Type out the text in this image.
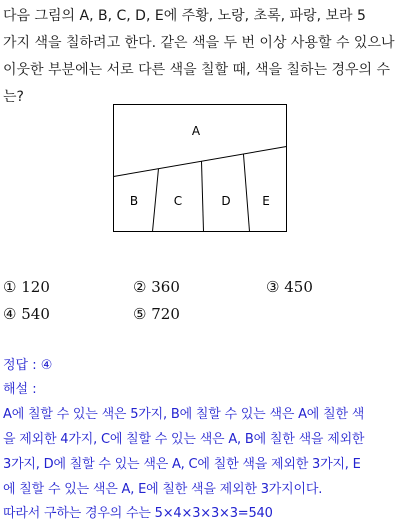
다음 그림의 A, B, C, D, E에 주황, 노랑, 초록, 파랑, 보라 5
가지 색을 칠하려고 한다. 같은 색을 두 번 이상 사용할 수 있으나
이웃한 부분에는 서로 다른 색을 칠할 때, 색을 칠하는 경우의 수
는?
A
B	C	D	E
① 120	② 360	③ 450
④ 540	⑤ 720
정답 : ④
해설 :
A에 칠할 수 있는 색은 5가지, B에 칠할 수 있는 색은 A에 칠한 색
을 제외한 4가지, C에 칠할 수 있는 색은 A, B에 칠한 색을 제외한
3가지, D에 칠할 수 있는 색은 A, C에 칠한 색을 제외한 3가지, E
에 칠할 수 있는 색은 A, E에 칠한 색을 제외한 3가지이다.
따라서 구하는 경우의 수는 5×4×3×3×3=540
